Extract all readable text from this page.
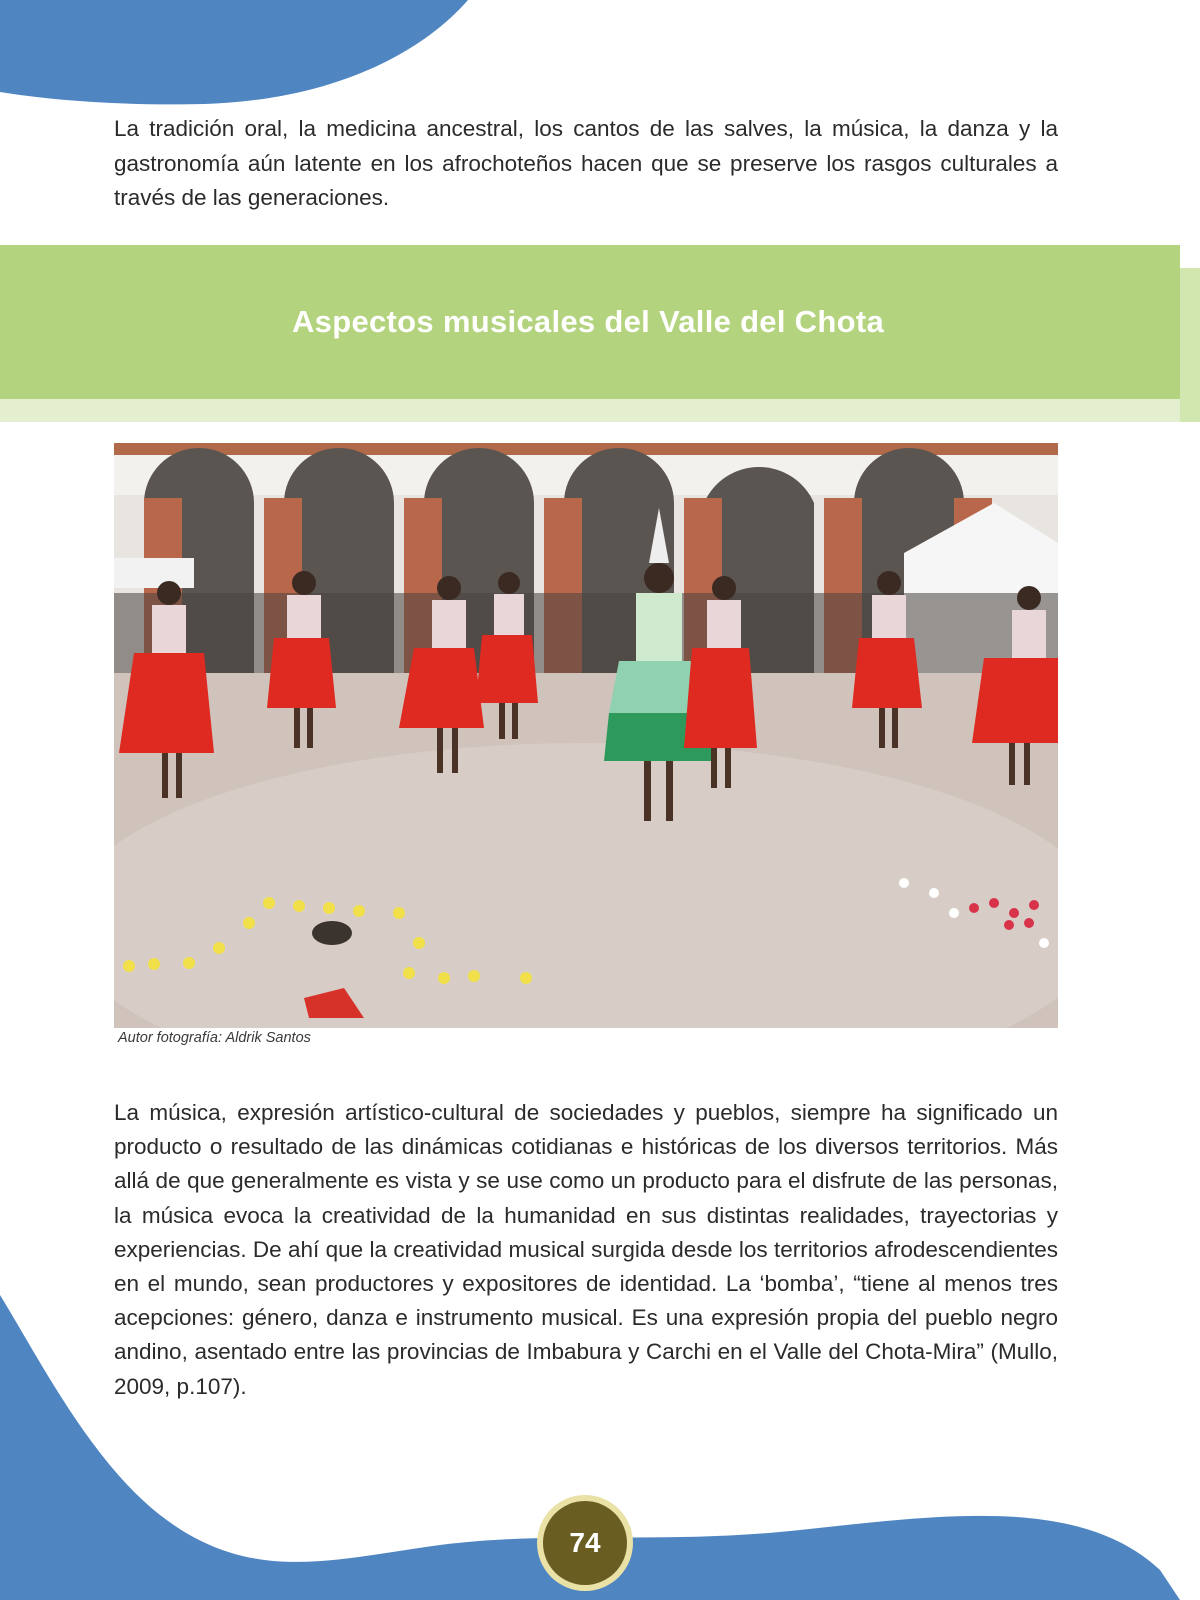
La tradición oral, la medicina ancestral, los cantos de las salves, la música, la danza y la gastronomía aún latente en los afrochoteños hacen que se preserve los rasgos culturales a través de las generaciones.

Aspectos musicales del Valle del Chota

Autor fotografía: Aldrik Santos

La música, expresión artístico-cultural de sociedades y pueblos, siempre ha significado un producto o resultado de las dinámicas cotidianas e históricas de los diversos territorios. Más allá de que generalmente es vista y se use como un producto para el disfrute de las personas, la música evoca la creatividad de la humanidad en sus distintas realidades, trayectorias y experiencias. De ahí que la creatividad musical surgida desde los territorios afrodescendientes en el mundo, sean productores y expositores de identidad. La ‘bomba’, “tiene al menos tres acepciones: género, danza e instrumento musical. Es una expresión propia del pueblo negro andino, asentado entre las provincias de Imbabura y Carchi en el Valle del Chota-Mira” (Mullo, 2009, p.107).

74
